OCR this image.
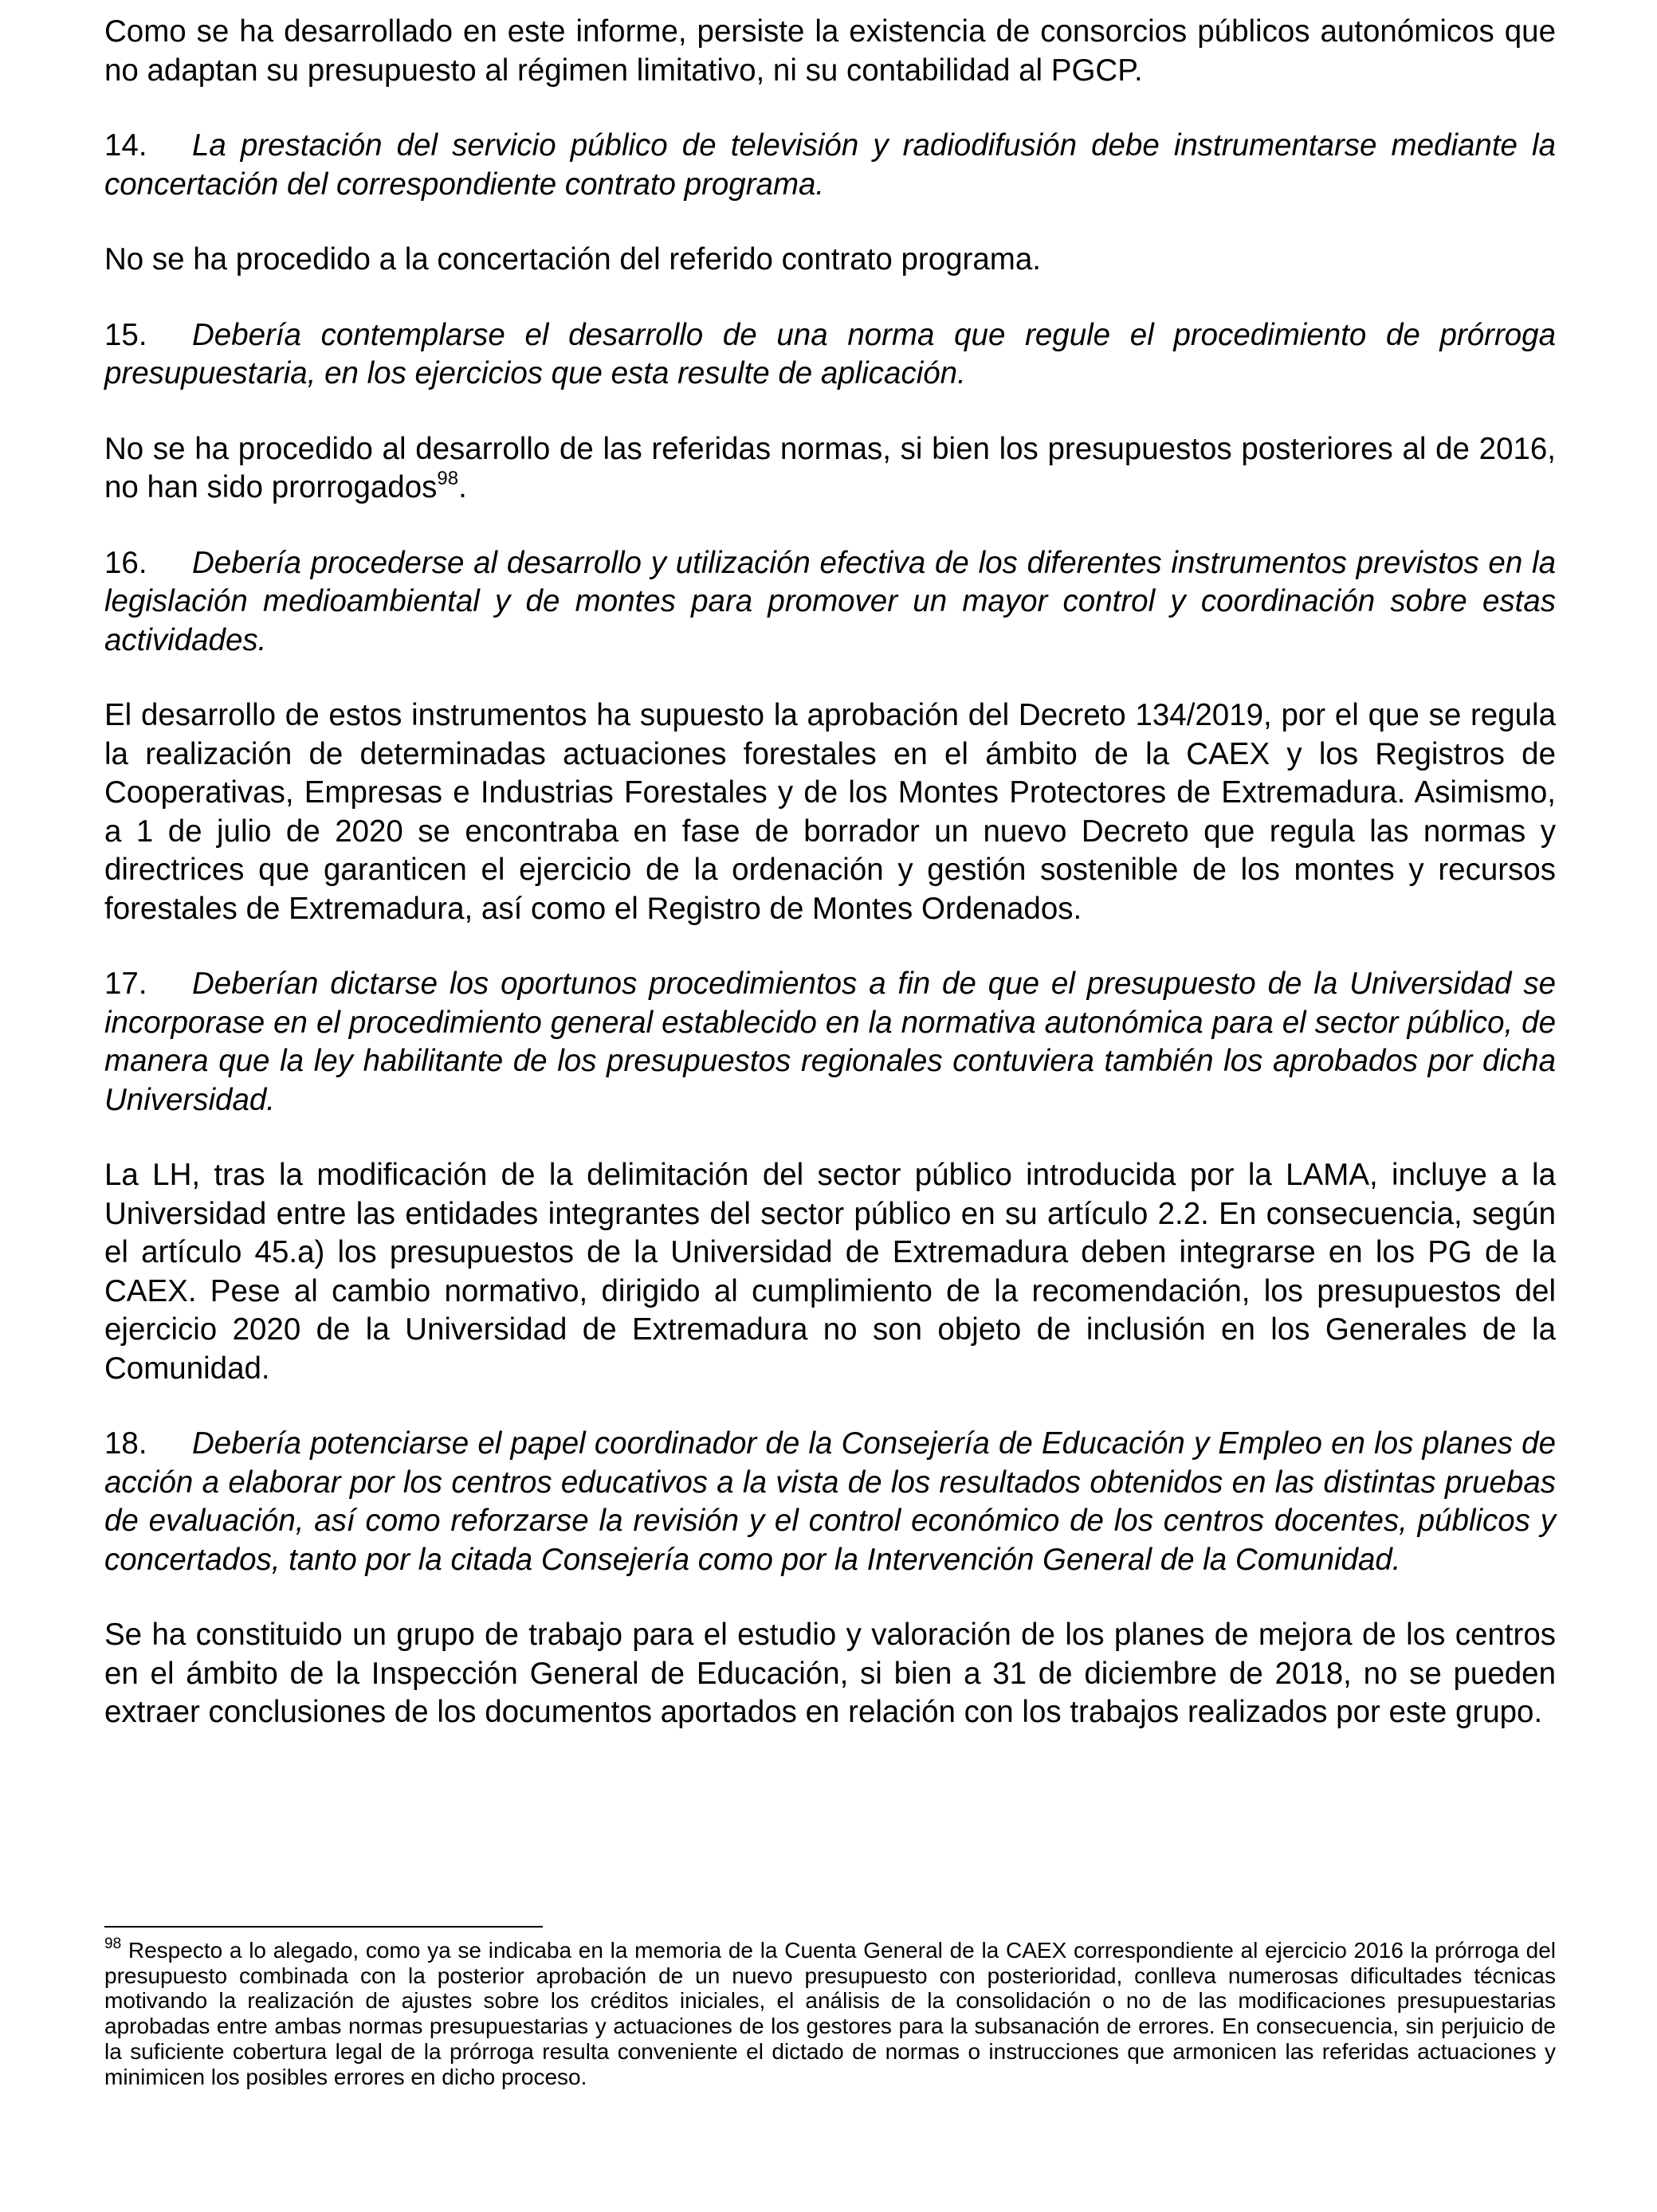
Como se ha desarrollado en este informe, persiste la existencia de consorcios públicos autonómicos que no adaptan su presupuesto al régimen limitativo, ni su contabilidad al PGCP.

14. La prestación del servicio público de televisión y radiodifusión debe instrumentarse mediante la concertación del correspondiente contrato programa.

No se ha procedido a la concertación del referido contrato programa.

15. Debería contemplarse el desarrollo de una norma que regule el procedimiento de prórroga presupuestaria, en los ejercicios que esta resulte de aplicación.

No se ha procedido al desarrollo de las referidas normas, si bien los presupuestos posteriores al de 2016, no han sido prorrogados$^{98}$.

16. Debería procederse al desarrollo y utilización efectiva de los diferentes instrumentos previstos en la legislación medioambiental y de montes para promover un mayor control y coordinación sobre estas actividades.

El desarrollo de estos instrumentos ha supuesto la aprobación del Decreto 134/2019, por el que se regula la realización de determinadas actuaciones forestales en el ámbito de la CAEX y los Registros de Cooperativas, Empresas e Industrias Forestales y de los Montes Protectores de Extremadura. Asimismo, a 1 de julio de 2020 se encontraba en fase de borrador un nuevo Decreto que regula las normas y directrices que garanticen el ejercicio de la ordenación y gestión sostenible de los montes y recursos forestales de Extremadura, así como el Registro de Montes Ordenados.

17. Deberían dictarse los oportunos procedimientos a fin de que el presupuesto de la Universidad se incorporase en el procedimiento general establecido en la normativa autonómica para el sector público, de manera que la ley habilitante de los presupuestos regionales contuviera también los aprobados por dicha Universidad.

La LH, tras la modificación de la delimitación del sector público introducida por la LAMA, incluye a la Universidad entre las entidades integrantes del sector público en su artículo 2.2. En consecuencia, según el artículo 45.a) los presupuestos de la Universidad de Extremadura deben integrarse en los PG de la CAEX. Pese al cambio normativo, dirigido al cumplimiento de la recomendación, los presupuestos del ejercicio 2020 de la Universidad de Extremadura no son objeto de inclusión en los Generales de la Comunidad.

18. Debería potenciarse el papel coordinador de la Consejería de Educación y Empleo en los planes de acción a elaborar por los centros educativos a la vista de los resultados obtenidos en las distintas pruebas de evaluación, así como reforzarse la revisión y el control económico de los centros docentes, públicos y concertados, tanto por la citada Consejería como por la Intervención General de la Comunidad.

Se ha constituido un grupo de trabajo para el estudio y valoración de los planes de mejora de los centros en el ámbito de la Inspección General de Educación, si bien a 31 de diciembre de 2018, no se pueden extraer conclusiones de los documentos aportados en relación con los trabajos realizados por este grupo.

$^{98}$ Respecto a lo alegado, como ya se indicaba en la memoria de la Cuenta General de la CAEX correspondiente al ejercicio 2016 la prórroga del presupuesto combinada con la posterior aprobación de un nuevo presupuesto con posterioridad, conlleva numerosas dificultades técnicas motivando la realización de ajustes sobre los créditos iniciales, el análisis de la consolidación o no de las modificaciones presupuestarias aprobadas entre ambas normas presupuestarias y actuaciones de los gestores para la subsanación de errores. En consecuencia, sin perjuicio de la suficiente cobertura legal de la prórroga resulta conveniente el dictado de normas o instrucciones que armonicen las referidas actuaciones y minimicen los posibles errores en dicho proceso.
